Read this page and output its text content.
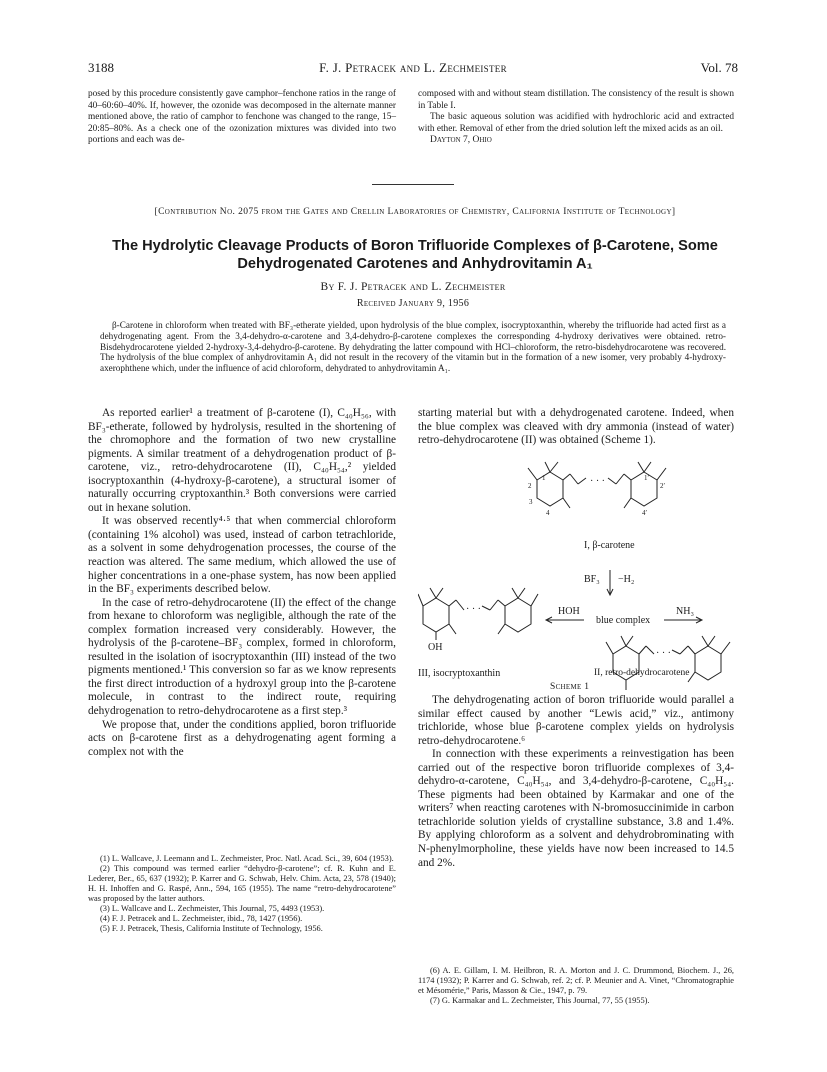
3188	F. J. Petracek and L. Zechmeister	Vol. 78

posed by this procedure consistently gave camphor–fenchone ratios in the range of 40–60:60–40%. If, however, the ozonide was decomposed in the alternate manner mentioned above, the ratio of camphor to fenchone was changed to the range, 15–20:85–80%. As a check one of the ozonization mixtures was divided into two portions and each was de-

composed with and without steam distillation. The consistency of the result is shown in Table I.

The basic aqueous solution was acidified with hydrochloric acid and extracted with ether. Removal of ether from the dried solution left the mixed acids as an oil.

Dayton 7, Ohio

[Contribution No. 2075 from the Gates and Crellin Laboratories of Chemistry, California Institute of Technology]
The Hydrolytic Cleavage Products of Boron Trifluoride Complexes of β-Carotene, Some Dehydrogenated Carotenes and Anhydrovitamin A₁
By F. J. Petracek and L. Zechmeister
Received January 9, 1956

β-Carotene in chloroform when treated with BF₃-etherate yielded, upon hydrolysis of the blue complex, isocryptoxanthin, whereby the trifluoride had acted first as a dehydrogenating agent. From the 3,4-dehydro-α-carotene and 3,4-dehydro-β-carotene complexes the corresponding 4-hydroxy derivatives were obtained. retro-Bisdehydrocarotene yielded 2-hydroxy-3,4-dehydro-β-carotene. By dehydrating the latter compound with HCl–chloroform, the retro-bisdehydrocarotene was recovered. The hydrolysis of the blue complex of anhydrovitamin A₁ did not result in the recovery of the vitamin but in the formation of a new isomer, very probably 4-hydroxy-axerophthene which, under the influence of acid chloroform, dehydrated to anhydrovitamin A₁.

As reported earlier¹ a treatment of β-carotene (I), C₄₀H₅₆, with BF₃-etherate, followed by hydrolysis, resulted in the shortening of the chromophore and the formation of two new crystalline pigments. A similar treatment of a dehydrogenation product of β-carotene, viz., retro-dehydrocarotene (II), C₄₀H₅₄,² yielded isocryptoxanthin (4-hydroxy-β-carotene), a structural isomer of naturally occurring cryptoxanthin.³ Both conversions were carried out in hexane solution.

It was observed recently⁴·⁵ that when commercial chloroform (containing 1% alcohol) was used, instead of carbon tetrachloride, as a solvent in some dehydrogenation processes, the course of the reaction was altered. The same medium, which allowed the use of higher concentrations in a one-phase system, has now been applied in the BF₃ experiments described below.

In the case of retro-dehydrocarotene (II) the effect of the change from hexane to chloroform was negligible, although the rate of the complex formation increased very considerably. However, the hydrolysis of the β-carotene–BF₃ complex, formed in chloroform, resulted in the isolation of isocryptoxanthin (III) instead of the two pigments mentioned.¹ This conversion so far as we know represents the first direct introduction of a hydroxyl group into the β-carotene molecule, in contrast to the indirect route, requiring dehydrogenation to retro-dehydrocarotene as a first step.³

We propose that, under the conditions applied, boron trifluoride acts on β-carotene first as a dehydrogenating agent forming a complex not with the

(1) L. Wallcave, J. Leemann and L. Zechmeister, Proc. Natl. Acad. Sci., 39, 604 (1953).

(2) This compound was termed earlier “dehydro-β-carotene”; cf. R. Kuhn and E. Lederer, Ber., 65, 637 (1932); P. Karrer and G. Schwab, Helv. Chim. Acta, 23, 578 (1940); H. H. Inhoffen and G. Raspé, Ann., 594, 165 (1955). The name “retro-dehydrocarotene” was proposed by the latter authors.

(3) L. Wallcave and L. Zechmeister, This Journal, 75, 4493 (1953).

(4) F. J. Petracek and L. Zechmeister, ibid., 78, 1427 (1956).

(5) F. J. Petracek, Thesis, California Institute of Technology, 1956.

starting material but with a dehydrogenated carotene. Indeed, when the blue complex was cleaved with dry ammonia (instead of water) retro-dehydrocarotene (II) was obtained (Scheme 1).

· · ·
· · ·
· · ·
2
1
3
4
1′
2′
4′
I, β-carotene
BF₃ −H₂
HOH
blue complex
NH₃
OH
III, isocryptoxanthin	II, retro-dehydrocarotene
Scheme 1

The dehydrogenating action of boron trifluoride would parallel a similar effect caused by another “Lewis acid,” viz., antimony trichloride, whose blue β-carotene complex yields on hydrolysis retro-dehydrocarotene.⁶

In connection with these experiments a reinvestigation has been carried out of the respective boron trifluoride complexes of 3,4-dehydro-α-carotene, C₄₀H₅₄, and 3,4-dehydro-β-carotene, C₄₀H₅₄. These pigments had been obtained by Karmakar and one of the writers⁷ when reacting carotenes with N-bromosuccinimide in carbon tetrachloride solution yields of crystalline substance, 3.8 and 1.4%. By applying chloroform as a solvent and dehydrobrominating with N-phenylmorpholine, these yields have now been increased to 14.5 and 2%.

(6) A. E. Gillam, I. M. Heilbron, R. A. Morton and J. C. Drummond, Biochem. J., 26, 1174 (1932); P. Karrer and G. Schwab, ref. 2; cf. P. Meunier and A. Vinet, “Chromatographie et Mésomérie,” Paris, Masson & Cie., 1947, p. 79.

(7) G. Karmakar and L. Zechmeister, This Journal, 77, 55 (1955).
